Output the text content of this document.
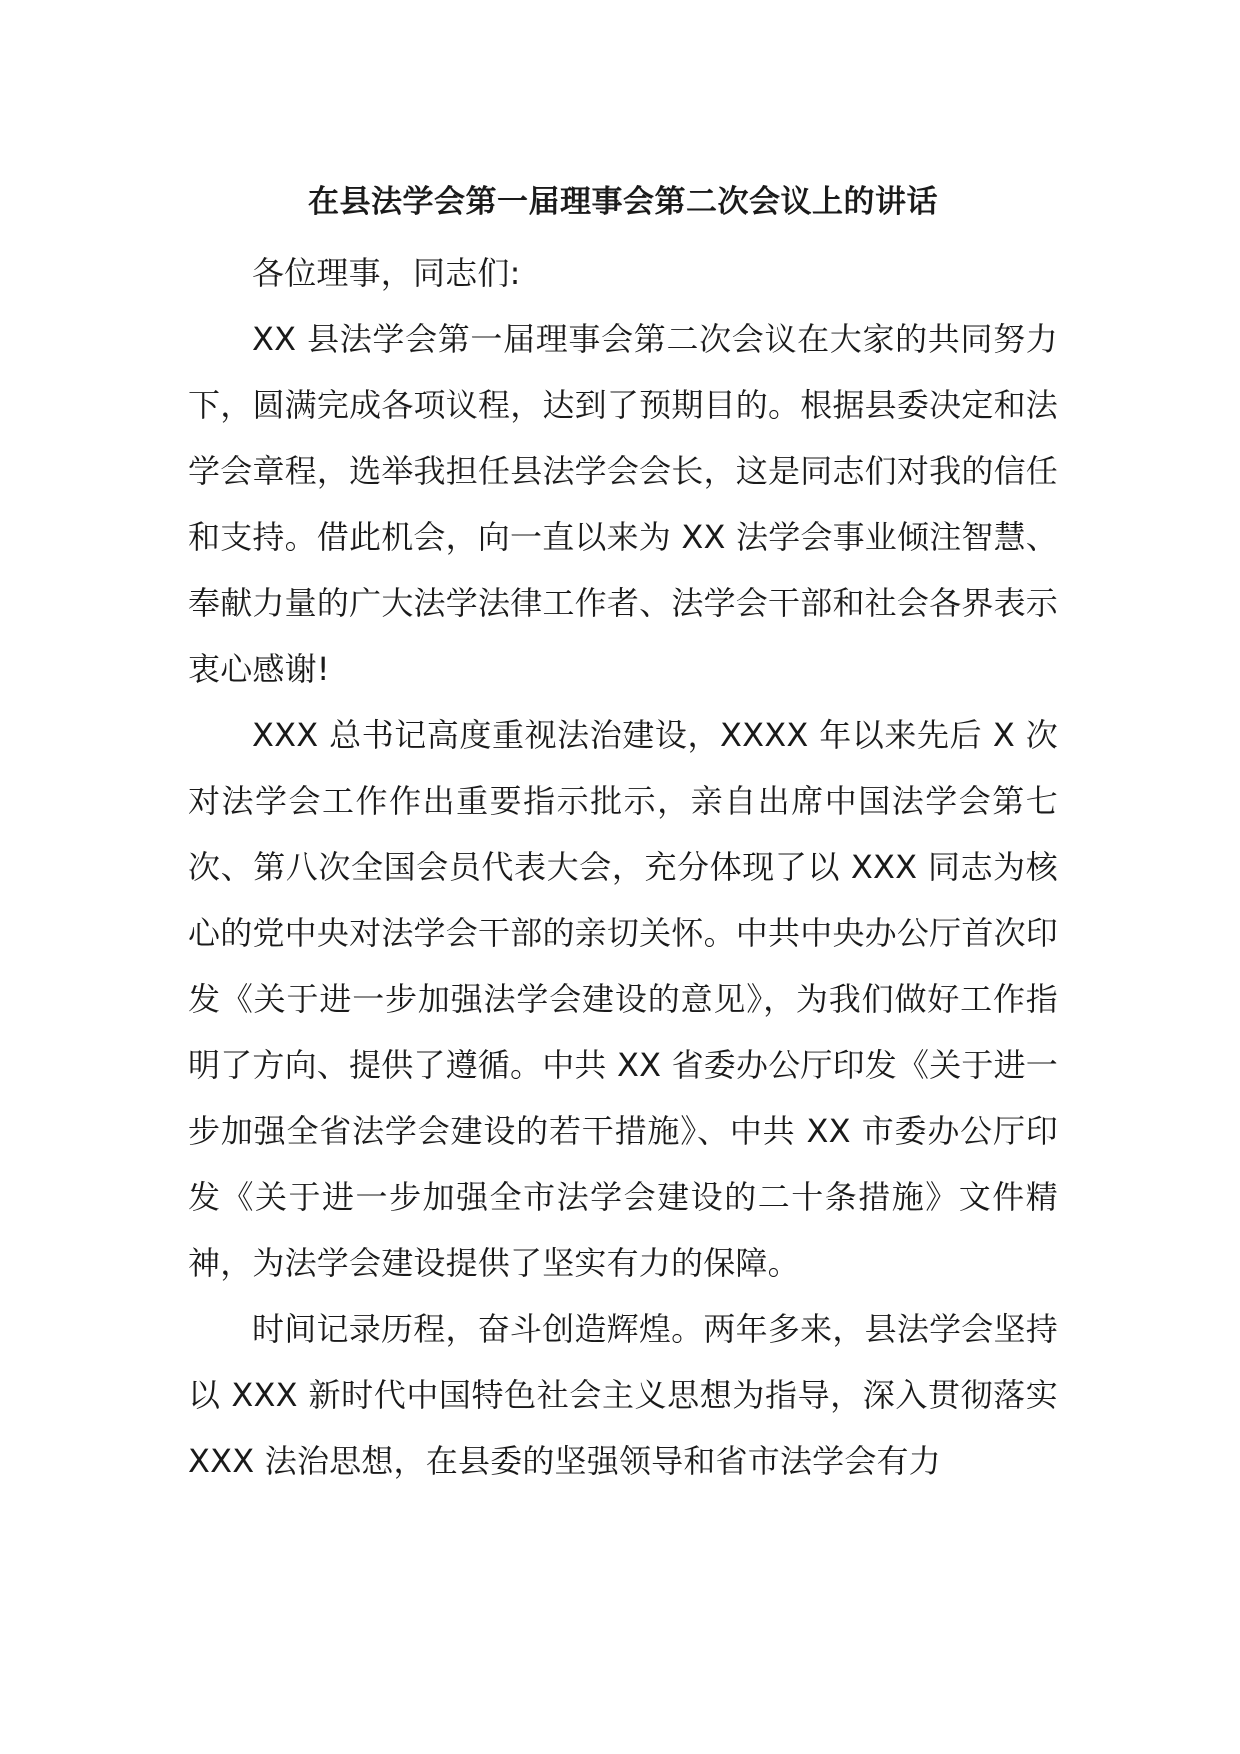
在县法学会第一届理事会第二次会议上的讲话

各位理事，同志们:

XX 县法学会第一届理事会第二次会议在大家的共同努力下，圆满完成各项议程，达到了预期目的。根据县委决定和法学会章程，选举我担任县法学会会长，这是同志们对我的信任和支持。借此机会，向一直以来为 XX 法学会事业倾注智慧、奉献力量的广大法学法律工作者、法学会干部和社会各界表示衷心感谢!

XXX 总书记高度重视法治建设，XXXX 年以来先后 X 次对法学会工作作出重要指示批示，亲自出席中国法学会第七次、第八次全国会员代表大会，充分体现了以 XXX 同志为核心的党中央对法学会干部的亲切关怀。中共中央办公厅首次印发《关于进一步加强法学会建设的意见》，为我们做好工作指明了方向、提供了遵循。中共 XX 省委办公厅印发《关于进一步加强全省法学会建设的若干措施》、中共 XX 市委办公厅印发《关于进一步加强全市法学会建设的二十条措施》文件精神，为法学会建设提供了坚实有力的保障。

时间记录历程，奋斗创造辉煌。两年多来，县法学会坚持以 XXX 新时代中国特色社会主义思想为指导，深入贯彻落实 XXX 法治思想，在县委的坚强领导和省市法学会有力
